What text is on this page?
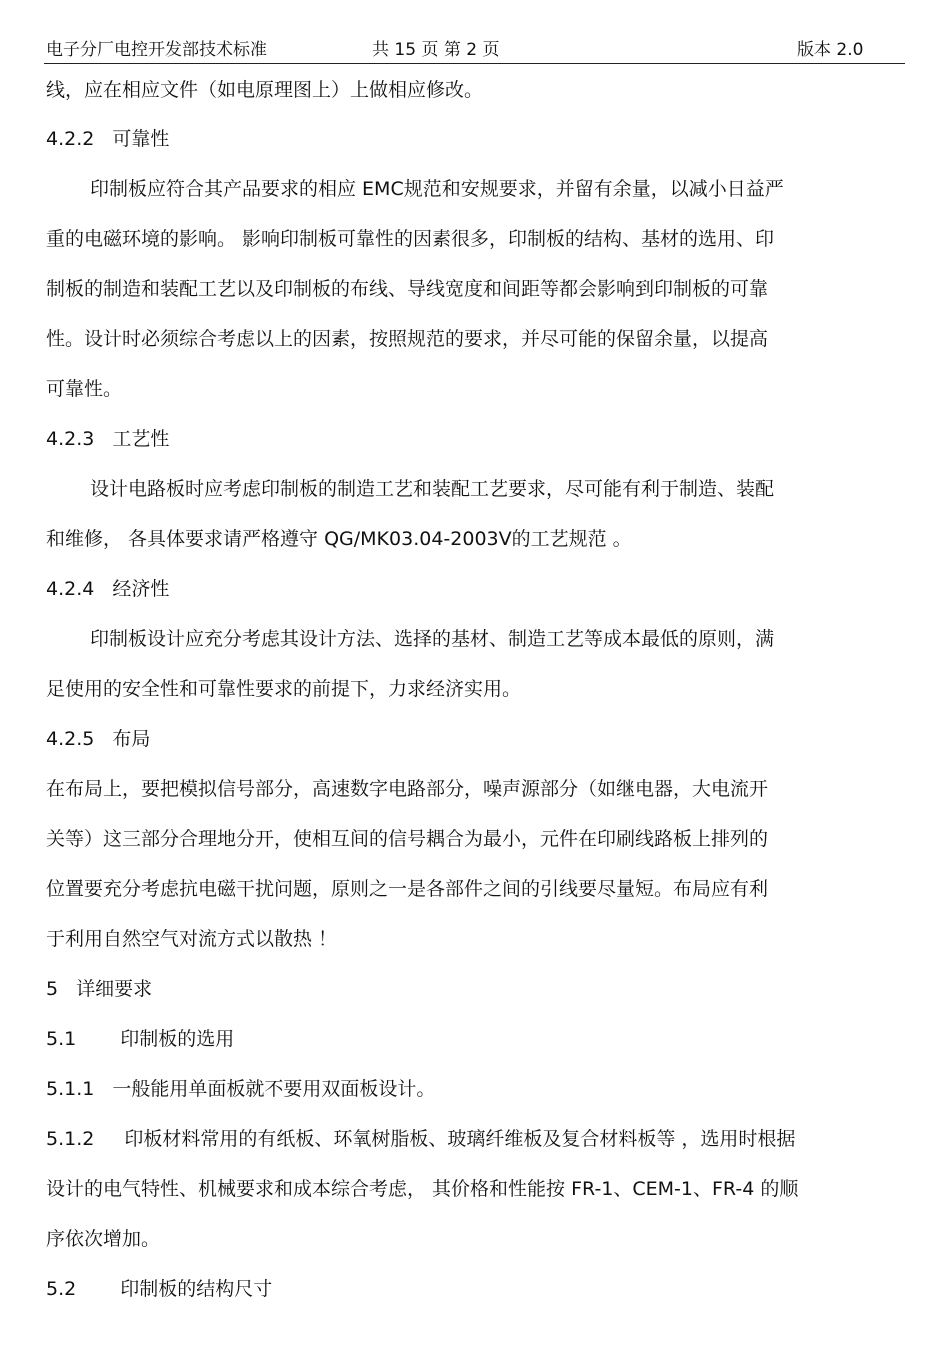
电子分厂电控开发部技术标准	共 15 页 第 2 页	版本 2.0
线，应在相应文件（如电原理图上）上做相应修改。
4.2.2 可靠性
印制板应符合其产品要求的相应 EMC规范和安规要求，并留有余量，以减小日益严
重的电磁环境的影响。 影响印制板可靠性的因素很多，印制板的结构、基材的选用、印
制板的制造和装配工艺以及印制板的布线、导线宽度和间距等都会影响到印制板的可靠
性。设计时必须综合考虑以上的因素，按照规范的要求，并尽可能的保留余量，以提高
可靠性。
4.2.3 工艺性
设计电路板时应考虑印制板的制造工艺和装配工艺要求，尽可能有利于制造、装配
和维修， 各具体要求请严格遵守 QG/MK03.04-2003V的工艺规范 。
4.2.4 经济性
印制板设计应充分考虑其设计方法、选择的基材、制造工艺等成本最低的原则，满
足使用的安全性和可靠性要求的前提下，力求经济实用。
4.2.5 布局
在布局上，要把模拟信号部分，高速数字电路部分，噪声源部分（如继电器，大电流开
关等）这三部分合理地分开，使相互间的信号耦合为最小，元件在印刷线路板上排列的
位置要充分考虑抗电磁干扰问题，原则之一是各部件之间的引线要尽量短。布局应有利
于利用自然空气对流方式以散热 ！
5 详细要求
5.1 印制板的选用
5.1.1 一般能用单面板就不要用双面板设计。
5.1.2 印板材料常用的有纸板、环氧树脂板、玻璃纤维板及复合材料板等 ，选用时根据
设计的电气特性、机械要求和成本综合考虑， 其价格和性能按 FR-1、CEM-1、FR-4 的顺
序依次增加。
5.2 印制板的结构尺寸
